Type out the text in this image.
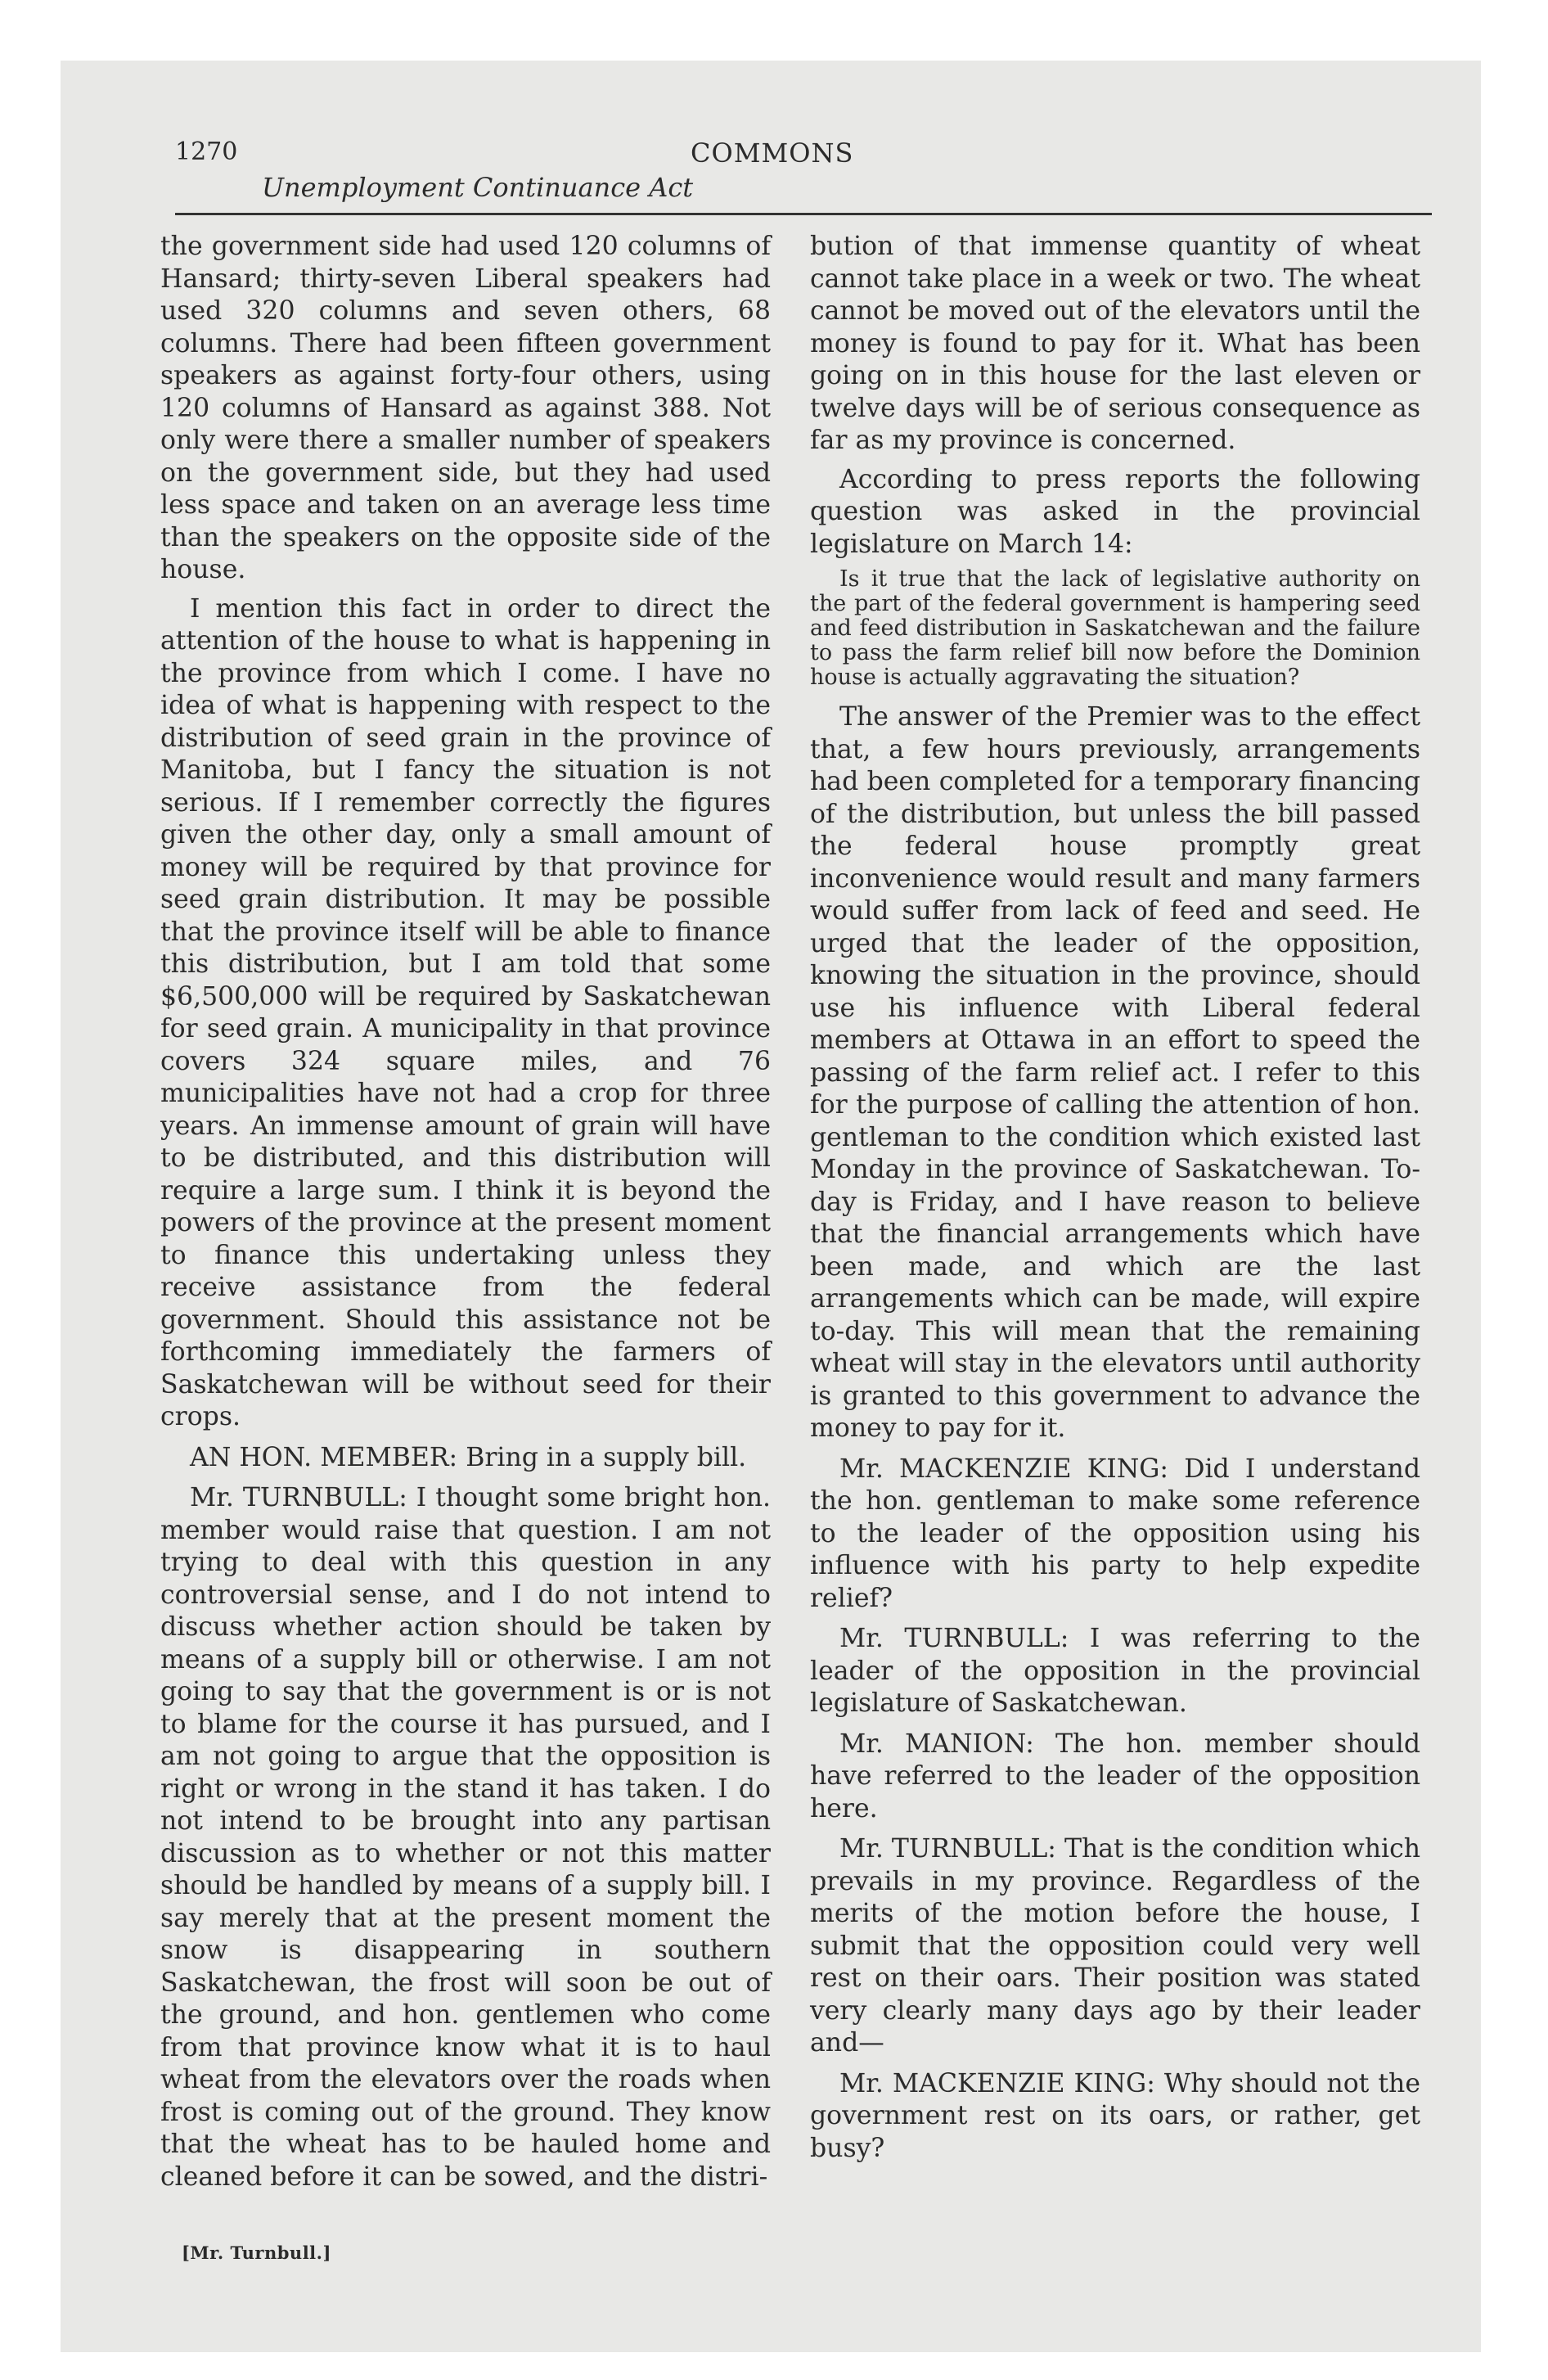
1270	COMMONS
Unemployment Continuance Act

the government side had used 120 columns of Hansard; thirty-seven Liberal speakers had used 320 columns and seven others, 68 columns. There had been fifteen government speakers as against forty-four others, using 120 columns of Hansard as against 388. Not only were there a smaller number of speakers on the government side, but they had used less space and taken on an average less time than the speakers on the opposite side of the house.

I mention this fact in order to direct the attention of the house to what is happening in the province from which I come. I have no idea of what is happening with respect to the distribution of seed grain in the province of Manitoba, but I fancy the situation is not serious. If I remember correctly the figures given the other day, only a small amount of money will be required by that province for seed grain distribution. It may be possible that the province itself will be able to finance this distribution, but I am told that some $6,500,000 will be required by Saskatchewan for seed grain. A municipality in that province covers 324 square miles, and 76 municipalities have not had a crop for three years. An immense amount of grain will have to be distributed, and this distribution will require a large sum. I think it is beyond the powers of the province at the present moment to finance this undertaking unless they receive assistance from the federal government. Should this assistance not be forthcoming immediately the farmers of Saskatchewan will be without seed for their crops.

AN HON. MEMBER: Bring in a supply bill.

Mr. TURNBULL: I thought some bright hon. member would raise that question. I am not trying to deal with this question in any controversial sense, and I do not intend to discuss whether action should be taken by means of a supply bill or otherwise. I am not going to say that the government is or is not to blame for the course it has pursued, and I am not going to argue that the opposition is right or wrong in the stand it has taken. I do not intend to be brought into any partisan discussion as to whether or not this matter should be handled by means of a supply bill. I say merely that at the present moment the snow is disappearing in southern Saskatchewan, the frost will soon be out of the ground, and hon. gentlemen who come from that province know what it is to haul wheat from the elevators over the roads when frost is coming out of the ground. They know that the wheat has to be hauled home and cleaned before it can be sowed, and the distri-

bution of that immense quantity of wheat cannot take place in a week or two. The wheat cannot be moved out of the elevators until the money is found to pay for it. What has been going on in this house for the last eleven or twelve days will be of serious consequence as far as my province is concerned.

According to press reports the following question was asked in the provincial legislature on March 14:

Is it true that the lack of legislative authority on the part of the federal government is hampering seed and feed distribution in Saskatchewan and the failure to pass the farm relief bill now before the Dominion house is actually aggravating the situation?

The answer of the Premier was to the effect that, a few hours previously, arrangements had been completed for a temporary financing of the distribution, but unless the bill passed the federal house promptly great inconvenience would result and many farmers would suffer from lack of feed and seed. He urged that the leader of the opposition, knowing the situation in the province, should use his influence with Liberal federal members at Ottawa in an effort to speed the passing of the farm relief act. I refer to this for the purpose of calling the attention of hon. gentleman to the condition which existed last Monday in the province of Saskatchewan. To-day is Friday, and I have reason to believe that the financial arrangements which have been made, and which are the last arrangements which can be made, will expire to-day. This will mean that the remaining wheat will stay in the elevators until authority is granted to this government to advance the money to pay for it.

Mr. MACKENZIE KING: Did I understand the hon. gentleman to make some reference to the leader of the opposition using his influence with his party to help expedite relief?

Mr. TURNBULL: I was referring to the leader of the opposition in the provincial legislature of Saskatchewan.

Mr. MANION: The hon. member should have referred to the leader of the opposition here.

Mr. TURNBULL: That is the condition which prevails in my province. Regardless of the merits of the motion before the house, I submit that the opposition could very well rest on their oars. Their position was stated very clearly many days ago by their leader and—

Mr. MACKENZIE KING: Why should not the government rest on its oars, or rather, get busy?

[Mr. Turnbull.]
